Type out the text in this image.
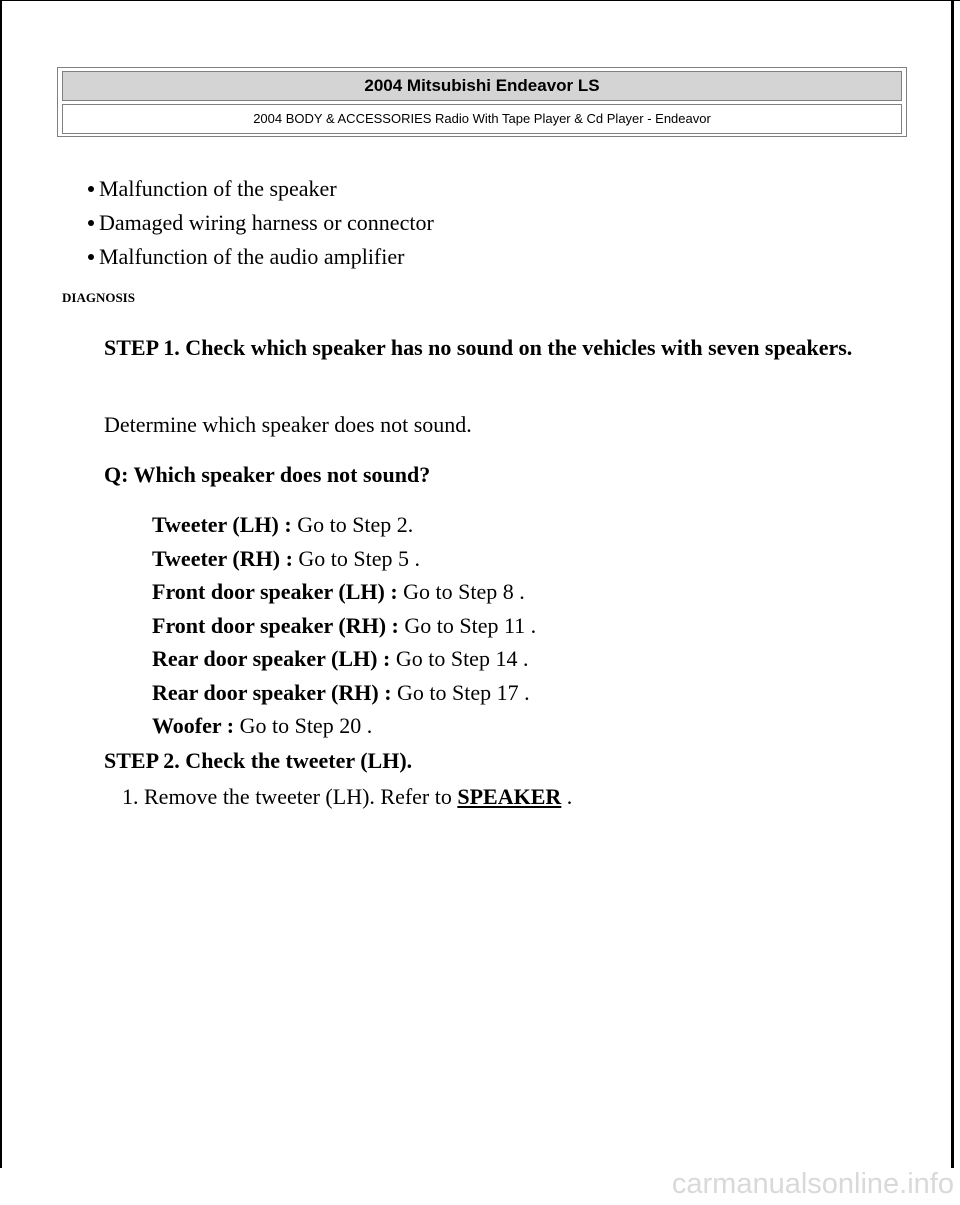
2004 Mitsubishi Endeavor LS
2004 BODY & ACCESSORIES Radio With Tape Player & Cd Player - Endeavor
Malfunction of the speaker
Damaged wiring harness or connector
Malfunction of the audio amplifier
DIAGNOSIS
STEP 1. Check which speaker has no sound on the vehicles with seven speakers.
Determine which speaker does not sound.
Q: Which speaker does not sound?
Tweeter (LH) : Go to Step 2.
Tweeter (RH) : Go to Step 5 .
Front door speaker (LH) : Go to Step 8 .
Front door speaker (RH) : Go to Step 11 .
Rear door speaker (LH) : Go to Step 14 .
Rear door speaker (RH) : Go to Step 17 .
Woofer : Go to Step 20 .
STEP 2. Check the tweeter (LH).
1. Remove the tweeter (LH). Refer to SPEAKER .
carmanualsonline.info
